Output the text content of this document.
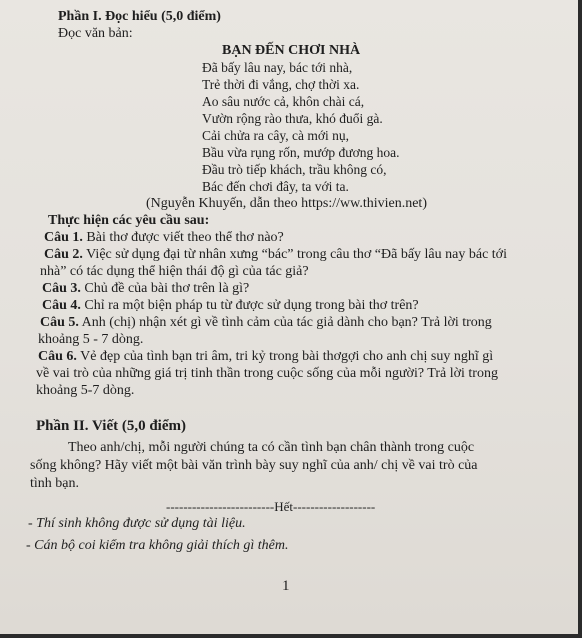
Phần I. Đọc hiểu (5,0 điểm)
Đọc văn bản:
BẠN ĐẾN CHƠI NHÀ
Đã bấy lâu nay, bác tới nhà,
Trẻ thời đi vắng, chợ thời xa.
Ao sâu nước cả, khôn chài cá,
Vườn rộng rào thưa, khó đuổi gà.
Cải chửa ra cây, cà mới nụ,
Bầu vừa rụng rốn, mướp đương hoa.
Đầu trò tiếp khách, trầu không có,
Bác đến chơi đây, ta với ta.
(Nguyễn Khuyến, dẫn theo https://ww.thivien.net)
Thực hiện các yêu cầu sau:
Câu 1. Bài thơ được viết theo thể thơ nào?
Câu 2. Việc sử dụng đại từ nhân xưng “bác” trong câu thơ “Đã bấy lâu nay bác tới
nhà” có tác dụng thể hiện thái độ gì của tác giả?
Câu 3. Chủ đề của bài thơ trên là gì?
Câu 4. Chỉ ra một biện pháp tu từ được sử dụng trong bài thơ trên?
Câu 5. Anh (chị) nhận xét gì về tình cảm của tác giả dành cho bạn? Trả lời trong
khoảng 5 - 7 dòng.
Câu 6. Vẻ đẹp của tình bạn tri âm, tri kỷ trong bài thơgợi cho anh chị suy nghĩ gì
về vai trò của những giá trị tinh thần trong cuộc sống của mỗi người? Trả lời trong
khoảng 5-7 dòng.
Phần II. Viết (5,0 điểm)
Theo anh/chị, mỗi người chúng ta có cần tình bạn chân thành trong cuộc
sống không? Hãy viết một bài văn trình bày suy nghĩ của anh/ chị về vai trò của
tình bạn.
-------------------------Hết-------------------
- Thí sinh không được sử dụng tài liệu.
- Cán bộ coi kiểm tra không giải thích gì thêm.
1
